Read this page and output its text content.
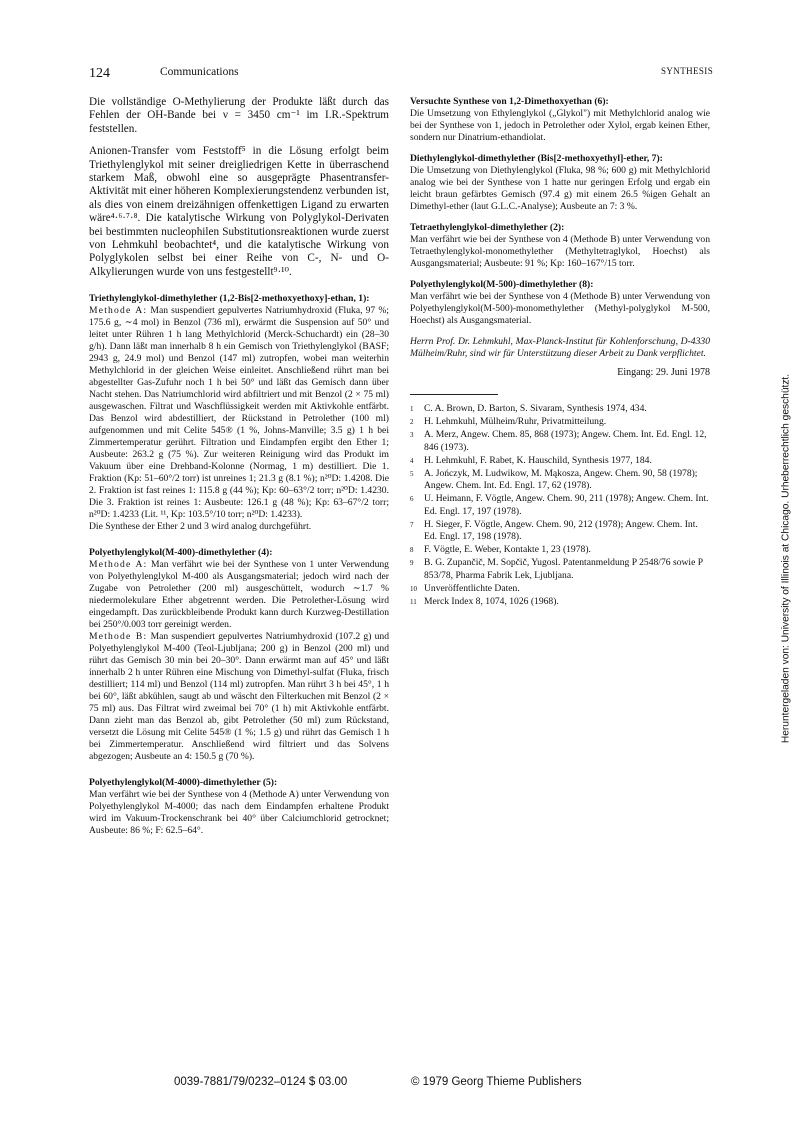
124	Communications	SYNTHESIS

Die vollständige O-Methylierung der Produkte läßt durch das Fehlen der OH-Bande bei ν = 3450 cm⁻¹ im I.R.-Spektrum feststellen.

Anionen-Transfer vom Feststoff⁵ in die Lösung erfolgt beim Triethylenglykol mit seiner dreigliedrigen Kette in überraschend starkem Maß, obwohl eine so ausgeprägte Phasentransfer-Aktivität mit einer höheren Komplexierungstendenz verbunden ist, als dies von einem dreizähnigen offenkettigen Ligand zu erwarten wäre⁴·⁶·⁷·⁸. Die katalytische Wirkung von Polyglykol-Derivaten bei bestimmten nucleophilen Substitutionsreaktionen wurde zuerst von Lehmkuhl beobachtet⁴, und die katalytische Wirkung von Polyglykolen selbst bei einer Reihe von C-, N- und O-Alkylierungen wurde von uns festgestellt⁹·¹⁰.

Triethylenglykol-dimethylether (1,2-Bis[2-methoxyethoxy]-ethan, 1):

Methode A: Man suspendiert gepulvertes Natriumhydroxid (Fluka, 97 %; 175.6 g, ∼4 mol) in Benzol (736 ml), erwärmt die Suspension auf 50° und leitet unter Rühren 1 h lang Methylchlorid (Merck-Schuchardt) ein (28–30 g/h). Dann läßt man innerhalb 8 h ein Gemisch von Triethylenglykol (BASF; 2943 g, 24.9 mol) und Benzol (147 ml) zutropfen, wobei man weiterhin Methylchlorid in der gleichen Weise einleitet. Anschließend rührt man bei abgestellter Gas-Zufuhr noch 1 h bei 50° und läßt das Gemisch dann über Nacht stehen. Das Natriumchlorid wird abfiltriert und mit Benzol (2 × 75 ml) ausgewaschen. Filtrat und Waschflüssigkeit werden mit Aktivkohle entfärbt. Das Benzol wird abdestilliert, der Rückstand in Petrolether (100 ml) aufgenommen und mit Celite 545® (1 %, Johns-Manville; 3.5 g) 1 h bei Zimmertemperatur gerührt. Filtration und Eindampfen ergibt den Ether 1; Ausbeute: 263.2 g (75 %). Zur weiteren Reinigung wird das Produkt im Vakuum über eine Drehband-Kolonne (Normag, 1 m) destilliert. Die 1. Fraktion (Kp: 51–60°/2 torr) ist unreines 1; 21.3 g (8.1 %); n²⁰D: 1.4208. Die 2. Fraktion ist fast reines 1: 115.8 g (44 %); Kp: 60–63°/2 torr; n²⁰D: 1.4230. Die 3. Fraktion ist reines 1: Ausbeute: 126.1 g (48 %); Kp: 63–67°/2 torr; n²⁰D: 1.4233 (Lit. ¹¹, Kp: 103.5°/10 torr; n²⁰D: 1.4233).

Die Synthese der Ether 2 und 3 wird analog durchgeführt.

Polyethylenglykol(M-400)-dimethylether (4):

Methode A: Man verfährt wie bei der Synthese von 1 unter Verwendung von Polyethylenglykol M-400 als Ausgangsmaterial; jedoch wird nach der Zugabe von Petrolether (200 ml) ausgeschüttelt, wodurch ∼1.7 % niedermolekulare Ether abgetrennt werden. Die Petrolether-Lösung wird eingedampft. Das zurückbleibende Produkt kann durch Kurzweg-Destillation bei 250°/0.003 torr gereinigt werden.

Methode B: Man suspendiert gepulvertes Natriumhydroxid (107.2 g) und Polyethylenglykol M-400 (Teol-Ljubljana; 200 g) in Benzol (200 ml) und rührt das Gemisch 30 min bei 20–30°. Dann erwärmt man auf 45° und läßt innerhalb 2 h unter Rühren eine Mischung von Dimethyl-sulfat (Fluka, frisch destilliert; 114 ml) und Benzol (114 ml) zutropfen. Man rührt 3 h bei 45°, 1 h bei 60°, läßt abkühlen, saugt ab und wäscht den Filterkuchen mit Benzol (2 × 75 ml) aus. Das Filtrat wird zweimal bei 70° (1 h) mit Aktivkohle entfärbt. Dann zieht man das Benzol ab, gibt Petrolether (50 ml) zum Rückstand, versetzt die Lösung mit Celite 545® (1 %; 1.5 g) und rührt das Gemisch 1 h bei Zimmertemperatur. Anschließend wird filtriert und das Solvens abgezogen; Ausbeute an 4: 150.5 g (70 %).

Polyethylenglykol(M-4000)-dimethylether (5):

Man verfährt wie bei der Synthese von 4 (Methode A) unter Verwendung von Polyethylenglykol M-4000; das nach dem Eindampfen erhaltene Produkt wird im Vakuum-Trockenschrank bei 40° über Calciumchlorid getrocknet; Ausbeute: 86 %; F: 62.5–64°.

Versuchte Synthese von 1,2-Dimethoxyethan (6):

Die Umsetzung von Ethylenglykol („Glykol") mit Methylchlorid analog wie bei der Synthese von 1, jedoch in Petrolether oder Xylol, ergab keinen Ether, sondern nur Dinatrium-ethandiolat.

Diethylenglykol-dimethylether (Bis[2-methoxyethyl]-ether, 7):

Die Umsetzung von Diethylenglykol (Fluka, 98 %; 600 g) mit Methylchlorid analog wie bei der Synthese von 1 hatte nur geringen Erfolg und ergab ein leicht braun gefärbtes Gemisch (97.4 g) mit einem 26.5 %igen Gehalt an Dimethyl-ether (laut G.L.C.-Analyse); Ausbeute an 7: 3 %.

Tetraethylenglykol-dimethylether (2):

Man verfährt wie bei der Synthese von 4 (Methode B) unter Verwendung von Tetraethylenglykol-monomethylether (Methyltetraglykol, Hoechst) als Ausgangsmaterial; Ausbeute: 91 %; Kp: 160–167°/15 torr.

Polyethylenglykol(M-500)-dimethylether (8):

Man verfährt wie bei der Synthese von 4 (Methode B) unter Verwendung von Polyethylenglykol(M-500)-monomethylether (Methyl-polyglykol M-500, Hoechst) als Ausgangsmaterial.

Herrn Prof. Dr. Lehmkuhl, Max-Planck-Institut für Kohlenforschung, D-4330 Mülheim/Ruhr, sind wir für Unterstützung dieser Arbeit zu Dank verpflichtet.

Eingang: 29. Juni 1978

1 C. A. Brown, D. Barton, S. Sivaram, Synthesis 1974, 434.
2 H. Lehmkuhl, Mülheim/Ruhr, Privatmitteilung.
3 A. Merz, Angew. Chem. 85, 868 (1973); Angew. Chem. Int. Ed. Engl. 12, 846 (1973).
4 H. Lehmkuhl, F. Rabet, K. Hauschild, Synthesis 1977, 184.
5 A. Jończyk, M. Ludwikow, M. Mąkosza, Angew. Chem. 90, 58 (1978); Angew. Chem. Int. Ed. Engl. 17, 62 (1978).
6 U. Heimann, F. Vögtle, Angew. Chem. 90, 211 (1978); Angew. Chem. Int. Ed. Engl. 17, 197 (1978).
7 H. Sieger, F. Vögtle, Angew. Chem. 90, 212 (1978); Angew. Chem. Int. Ed. Engl. 17, 198 (1978).
8 F. Vögtle, E. Weber, Kontakte 1, 23 (1978).
9 B. G. Zupančič, M. Sopčič, Yugosl. Patentanmeldung P 2548/76 sowie P 853/78, Pharma Fabrik Lek, Ljubljana.
10 Unveröffentlichte Daten.
11 Merck Index 8, 1074, 1026 (1968).
0039-7881/79/0232–0124 $ 03.00	© 1979 Georg Thieme Publishers
Heruntergeladen von: University of Illinois at Chicago. Urheberrechtlich geschützt.
